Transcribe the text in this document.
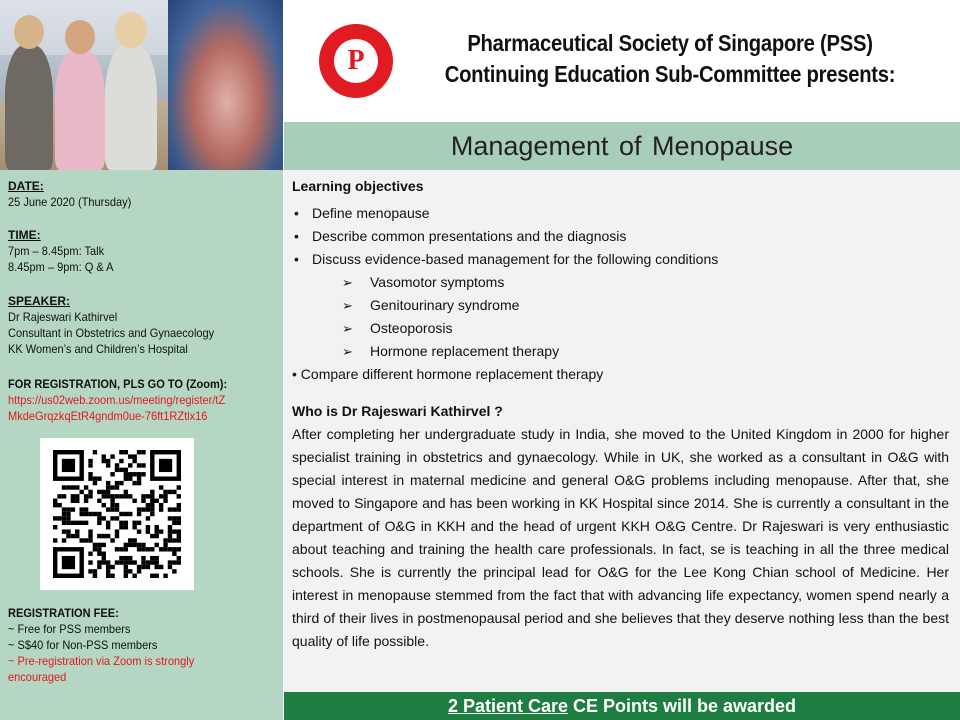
P
Pharmaceutical Society of Singapore (PSS)
Continuing Education Sub-Committee presents:
Management of Menopause
DATE:
25 June 2020 (Thursday)
TIME:
7pm – 8.45pm: Talk
8.45pm – 9pm: Q & A
SPEAKER:
Dr Rajeswari Kathirvel
Consultant in Obstetrics and Gynaecology
KK Women’s and Children’s Hospital
FOR REGISTRATION, PLS GO TO (Zoom):
https://us02web.zoom.us/meeting/register/tZ
MkdeGrqzkqEtR4gndm0ue-76ft1RZtlx16
REGISTRATION FEE:
~ Free for PSS members
~ S$40 for Non-PSS members
~ Pre-registration via Zoom is strongly
encouraged
Learning objectives
• Define menopause
• Describe common presentations and the diagnosis
• Discuss evidence-based management for the following conditions
➢ Vasomotor symptoms
➢ Genitourinary syndrome
➢ Osteoporosis
➢ Hormone replacement therapy
• Compare different hormone replacement therapy
Who is Dr Rajeswari Kathirvel ?
After completing her undergraduate study in India, she moved to the United Kingdom in 2000 for higher specialist training in obstetrics and gynaecology. While in UK, she worked as a consultant in O&G with special interest in maternal medicine and general O&G problems including menopause. After that, she moved to Singapore and has been working in KK Hospital since 2014. She is currently a consultant in the department of O&G in KKH and the head of urgent KKH O&G Centre. Dr Rajeswari is very enthusiastic about teaching and training the health care professionals. In fact, se is teaching in all the three medical schools. She is currently the principal lead for O&G for the Lee Kong Chian school of Medicine. Her interest in menopause stemmed from the fact that with advancing life expectancy, women spend nearly a third of their lives in postmenopausal period and she believes that they deserve nothing less than the best quality of life possible.
2 Patient Care CE Points will be awarded
